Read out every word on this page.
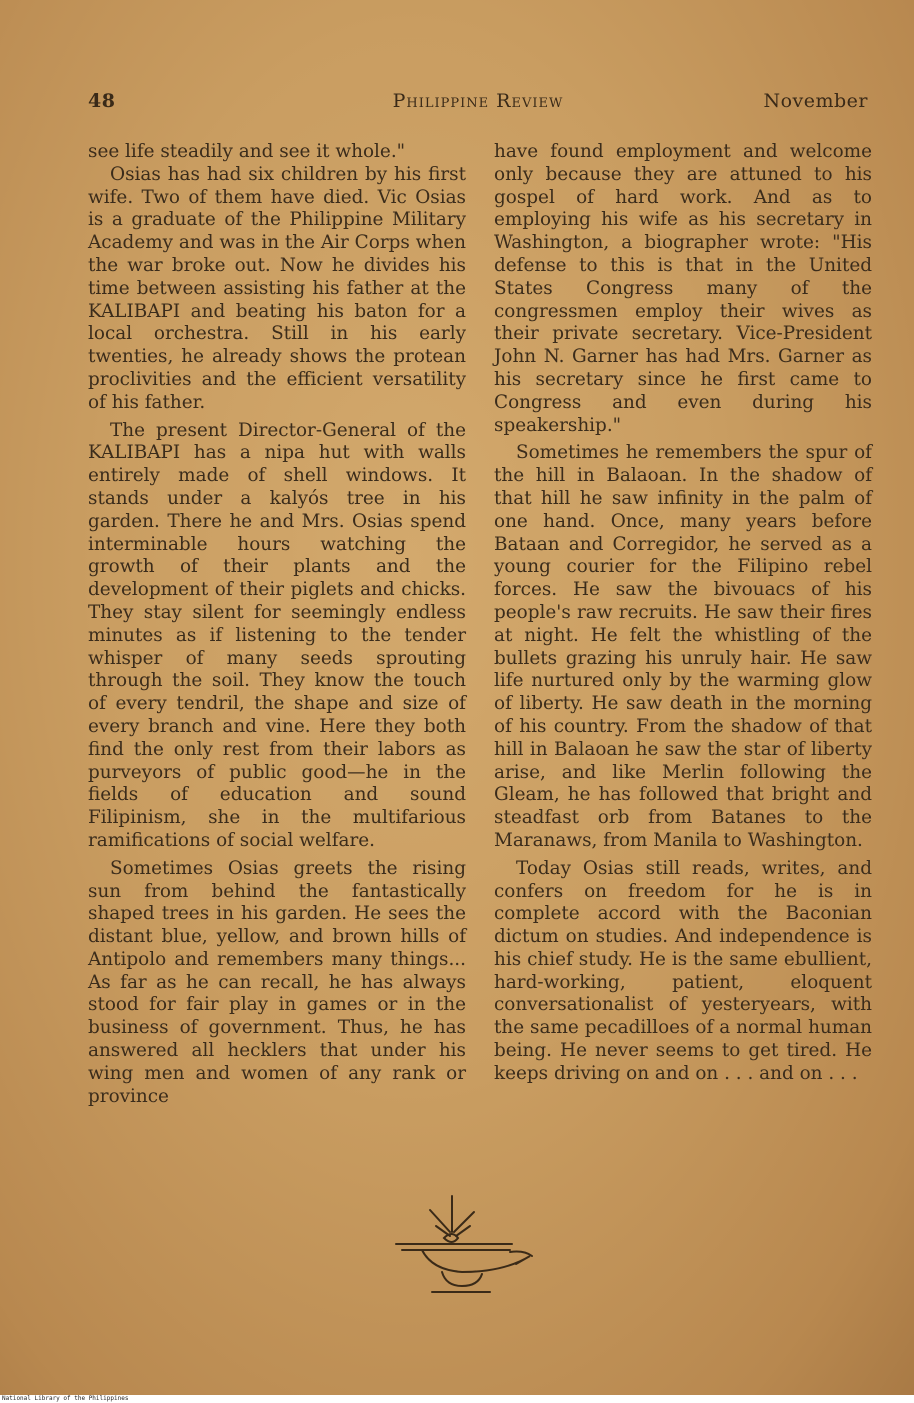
48	Philippine Review	November

see life steadily and see it whole."

Osias has had six children by his first wife. Two of them have died. Vic Osias is a graduate of the Philippine Military Academy and was in the Air Corps when the war broke out. Now he divides his time between assisting his father at the KALIBAPI and beating his baton for a local orchestra. Still in his early twenties, he already shows the protean proclivities and the efficient versatility of his father.

The present Director-General of the KALIBAPI has a nipa hut with walls entirely made of shell windows. It stands under a kalyós tree in his garden. There he and Mrs. Osias spend interminable hours watching the growth of their plants and the development of their piglets and chicks. They stay silent for seemingly endless minutes as if listening to the tender whisper of many seeds sprouting through the soil. They know the touch of every tendril, the shape and size of every branch and vine. Here they both find the only rest from their labors as purveyors of public good—he in the fields of education and sound Filipinism, she in the multifarious ramifications of social welfare.

Sometimes Osias greets the rising sun from behind the fantastically shaped trees in his garden. He sees the distant blue, yellow, and brown hills of Antipolo and remembers many things... As far as he can recall, he has always stood for fair play in games or in the business of government. Thus, he has answered all hecklers that under his wing men and women of any rank or province

have found employment and welcome only because they are attuned to his gospel of hard work. And as to employing his wife as his secretary in Washington, a biographer wrote: "His defense to this is that in the United States Congress many of the congressmen employ their wives as their private secretary. Vice-President John N. Garner has had Mrs. Garner as his secretary since he first came to Congress and even during his speakership."

Sometimes he remembers the spur of the hill in Balaoan. In the shadow of that hill he saw infinity in the palm of one hand. Once, many years before Bataan and Corregidor, he served as a young courier for the Filipino rebel forces. He saw the bivouacs of his people's raw recruits. He saw their fires at night. He felt the whistling of the bullets grazing his unruly hair. He saw life nurtured only by the warming glow of liberty. He saw death in the morning of his country. From the shadow of that hill in Balaoan he saw the star of liberty arise, and like Merlin following the Gleam, he has followed that bright and steadfast orb from Batanes to the Maranaws, from Manila to Washington.

Today Osias still reads, writes, and confers on freedom for he is in complete accord with the Baconian dictum on studies. And independence is his chief study. He is the same ebullient, hard-working, patient, eloquent conversationalist of yesteryears, with the same pecadilloes of a normal human being. He never seems to get tired. He keeps driving on and on . . . and on . . .

National Library of the Philippines
